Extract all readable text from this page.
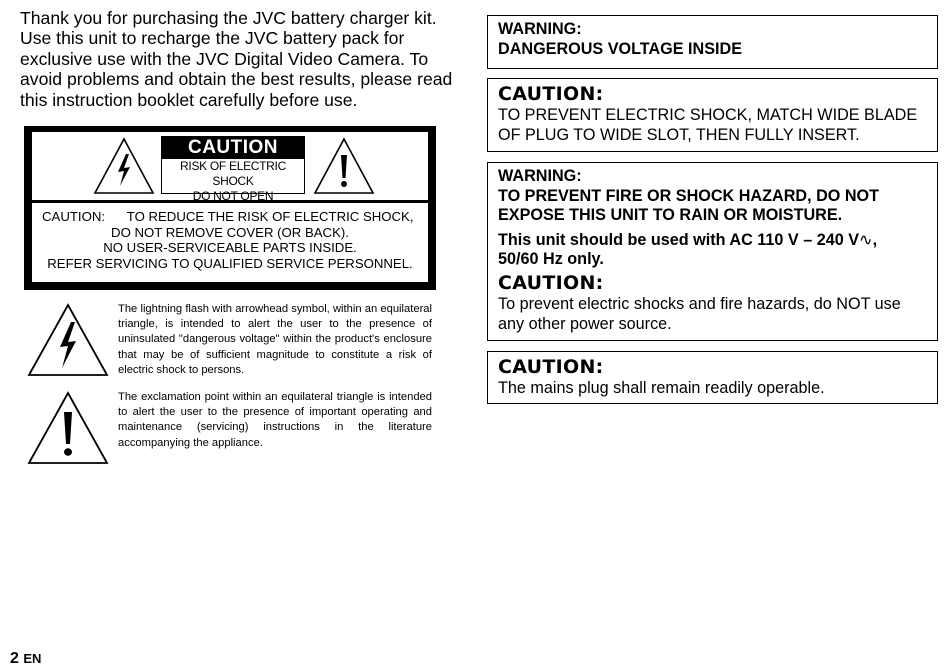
Thank you for purchasing the JVC battery charger kit.

Use this unit to recharge the JVC battery pack for

exclusive use with the JVC Digital Video Camera. To

avoid problems and obtain the best results, please read

this instruction booklet carefully before use.

CAUTION
RISK OF ELECTRIC SHOCK
DO NOT OPEN
CAUTION:      TO REDUCE THE RISK OF ELECTRIC SHOCK,
DO NOT REMOVE COVER (OR BACK).
NO USER-SERVICEABLE PARTS INSIDE.
REFER SERVICING TO QUALIFIED SERVICE PERSONNEL.
The lightning flash with arrowhead symbol, within an equilateral triangle, is intended to alert the user to the presence of uninsulated "dangerous voltage" within the product's enclosure that may be of sufficient magnitude to constitute a risk of electric shock to persons.
The exclamation point within an equilateral triangle is intended to alert the user to the presence of important operating and maintenance (servicing) instructions in the literature accompanying the appliance.
WARNING:
DANGEROUS VOLTAGE INSIDE
CAUTION:
TO PREVENT ELECTRIC SHOCK, MATCH WIDE BLADE
OF PLUG TO WIDE SLOT, THEN FULLY INSERT.
WARNING:
TO PREVENT FIRE OR SHOCK HAZARD, DO NOT
EXPOSE THIS UNIT TO RAIN OR MOISTURE.
This unit should be used with AC 110 V – 240 V∿,
50/60 Hz only.
CAUTION:
To prevent electric shocks and fire hazards, do NOT use
any other power source.
CAUTION:
The mains plug shall remain readily operable.
2 EN
